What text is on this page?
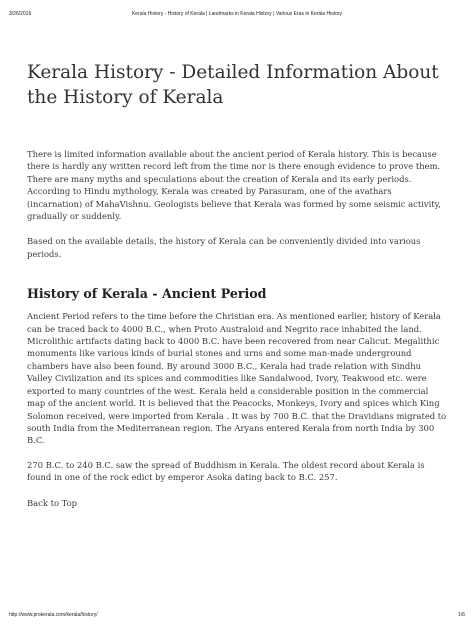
3/26/2016	Kerala History - History of Kerala | Landmarks in Kerala History | Various Eras in Kerala History
Kerala History - Detailed Information About the History of Kerala

There is limited information available about the ancient period of Kerala history. This is because there is hardly any written record left from the time nor is there enough evidence to prove them. There are many myths and speculations about the creation of Kerala and its early periods. According to Hindu mythology, Kerala was created by Parasuram, one of the avathars (incarnation) of MahaVishnu. Geologists believe that Kerala was formed by some seismic activity, gradually or suddenly.

Based on the available details, the history of Kerala can be conveniently divided into various periods.

History of Kerala - Ancient Period

Ancient Period refers to the time before the Christian era. As mentioned earlier, history of Kerala can be traced back to 4000 B.C., when Proto Australoid and Negrito race inhabited the land. Microlithic artifacts dating back to 4000 B.C. have been recovered from near Calicut. Megalithic monuments like various kinds of burial stones and urns and some man-made underground chambers have also been found. By around 3000 B.C., Kerala had trade relation with Sindhu Valley Civilization and its spices and commodities like Sandalwood, Ivory, Teakwood etc. were exported to many countries of the west. Kerala held a considerable position in the commercial map of the ancient world. It is believed that the Peacocks, Monkeys, Ivory and spices which King Solomon received, were imported from Kerala . It was by 700 B.C. that the Dravidians migrated to south India from the Mediterranean region. The Aryans entered Kerala from north India by 300 B.C.

270 B.C. to 240 B.C. saw the spread of Buddhism in Kerala. The oldest record about Kerala is found in one of the rock edict by emperor Asoka dating back to B.C. 257.

Back to Top
http://www.prokerala.com/kerala/history/	1/6
